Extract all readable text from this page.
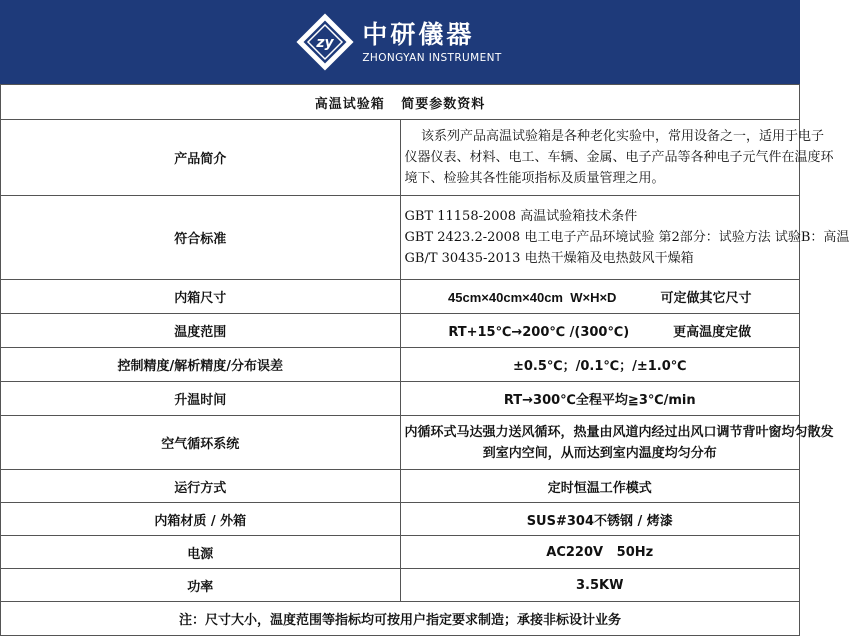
zy 中研儀器
ZHONGYAN INSTRUMENT
高温试验箱   简要参数资料	
产品简介	该系列产品高温试验箱是各种老化实验中，常用设备之一，适用于电子

仪器仪表、材料、电工、车辆、金属、电子产品等各种电子元气件在温度环

境下、检验其各性能项指标及质量管理之用。

符合标准	GBT 11158-2008 高温试验箱技术条件

GBT 2423.2-2008 电工电子产品环境试验 第2部分：试验方法 试验B：高温

GB/T 30435-2013 电热干燥箱及电热鼓风干燥箱

内箱尺寸	45cm×40cm×40cm  W×H×D 可定做其它尺寸
温度范围	RT+15℃→200℃ /(300℃) 更高温度定做
控制精度/解析精度/分布误差	±0.5℃；/0.1℃；/±1.0℃
升温时间	RT→300℃全程平均≧3℃/min
空气循环系统	内循环式马达强力送风循环，热量由风道内经过出风口调节背叶窗均匀散发

到室内空间，从而达到室内温度均匀分布

运行方式	定时恒温工作模式
内箱材质 / 外箱	SUS#304不锈钢 / 烤漆
电源	AC220V   50Hz
功率	3.5KW
注：尺寸大小，温度范围等指标均可按用户指定要求制造；承接非标设计业务	
